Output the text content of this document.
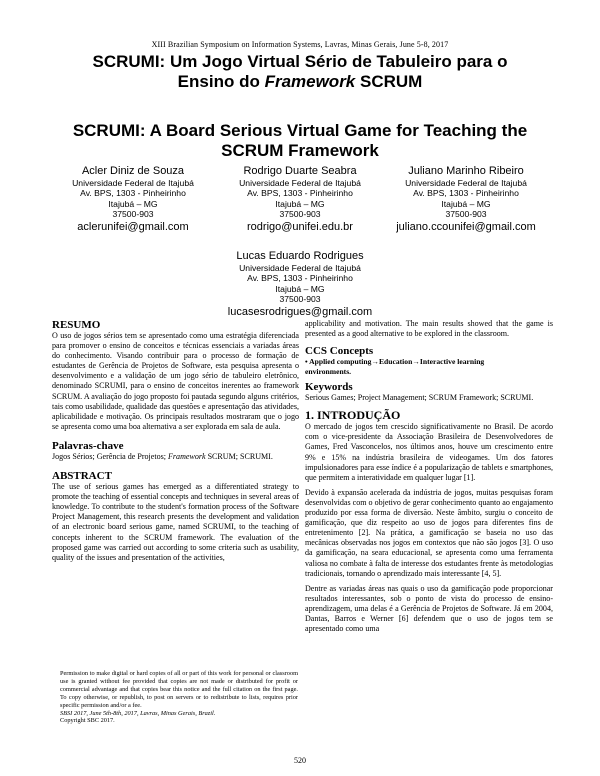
XIII Brazilian Symposium on Information Systems, Lavras, Minas Gerais, June 5-8, 2017
SCRUMI: Um Jogo Virtual Sério de Tabuleiro para o
Ensino do Framework SCRUM
SCRUMI: A Board Serious Virtual Game for Teaching the
SCRUM Framework
Acler Diniz de Souza
Universidade Federal de Itajubá
Av. BPS, 1303 - Pinheirinho
Itajubá – MG
37500-903
aclerunifei@gmail.com
Rodrigo Duarte Seabra
Universidade Federal de Itajubá
Av. BPS, 1303 - Pinheirinho
Itajubá – MG
37500-903
rodrigo@unifei.edu.br
Juliano Marinho Ribeiro
Universidade Federal de Itajubá
Av. BPS, 1303 - Pinheirinho
Itajubá – MG
37500-903
juliano.ccounifei@gmail.com
Lucas Eduardo Rodrigues
Universidade Federal de Itajubá
Av. BPS, 1303 - Pinheirinho
Itajubá – MG
37500-903
lucasesrodrigues@gmail.com
RESUMO

O uso de jogos sérios tem se apresentado como uma estratégia diferenciada para promover o ensino de conceitos e técnicas essenciais a variadas áreas do conhecimento. Visando contribuir para o processo de formação de estudantes de Gerência de Projetos de Software, esta pesquisa apresenta o desenvolvimento e a validação de um jogo sério de tabuleiro eletrônico, denominado SCRUMI, para o ensino de conceitos inerentes ao framework SCRUM. A avaliação do jogo proposto foi pautada segundo alguns critérios, tais como usabilidade, qualidade das questões e apresentação das atividades, aplicabilidade e motivação. Os principais resultados mostraram que o jogo se apresenta como uma boa alternativa a ser explorada em sala de aula.

Palavras-chave

Jogos Sérios; Gerência de Projetos; Framework SCRUM; SCRUMI.

ABSTRACT

The use of serious games has emerged as a differentiated strategy to promote the teaching of essential concepts and techniques in several areas of knowledge. To contribute to the student's formation process of the Software Project Management, this research presents the development and validation of an electronic board serious game, named SCRUMI, to the teaching of concepts inherent to the SCRUM framework. The evaluation of the proposed game was carried out according to some criteria such as usability, quality of the issues and presentation of the activities,

Permission to make digital or hard copies of all or part of this work for personal or classroom use is granted without fee provided that copies are not made or distributed for profit or commercial advantage and that copies bear this notice and the full citation on the first page. To copy otherwise, or republish, to post on servers or to redistribute to lists, requires prior specific permission and/or a fee.

SBSI 2017, June 5th-8th, 2017, Lavras, Minas Gerais, Brazil.

Copyright SBC 2017.

applicability and motivation. The main results showed that the game is presented as a good alternative to be explored in the classroom.

CCS Concepts
• Applied computing→Education→Interactive learning
environments.
Keywords

Serious Games; Project Management; SCRUM Framework; SCRUMI.

1. INTRODUÇÃO

O mercado de jogos tem crescido significativamente no Brasil. De acordo com o vice-presidente da Associação Brasileira de Desenvolvedores de Games, Fred Vasconcelos, nos últimos anos, houve um crescimento entre 9% e 15% na indústria brasileira de videogames. Um dos fatores impulsionadores para esse índice é a popularização de tablets e smartphones, que permitem a interatividade em qualquer lugar [1].

Devido à expansão acelerada da indústria de jogos, muitas pesquisas foram desenvolvidas com o objetivo de gerar conhecimento quanto ao engajamento produzido por essa forma de diversão. Neste âmbito, surgiu o conceito de gamificação, que diz respeito ao uso de jogos para diferentes fins de entretenimento [2]. Na prática, a gamificação se baseia no uso das mecânicas observadas nos jogos em contextos que não são jogos [3]. O uso da gamificação, na seara educacional, se apresenta como uma ferramenta valiosa no combate à falta de interesse dos estudantes frente às metodologias tradicionais, tornando o aprendizado mais interessante [4, 5].

Dentre as variadas áreas nas quais o uso da gamificação pode proporcionar resultados interessantes, sob o ponto de vista do processo de ensino-aprendizagem, uma delas é a Gerência de Projetos de Software. Já em 2004, Dantas, Barros e Werner [6] defendem que o uso de jogos tem se apresentado como uma

520
